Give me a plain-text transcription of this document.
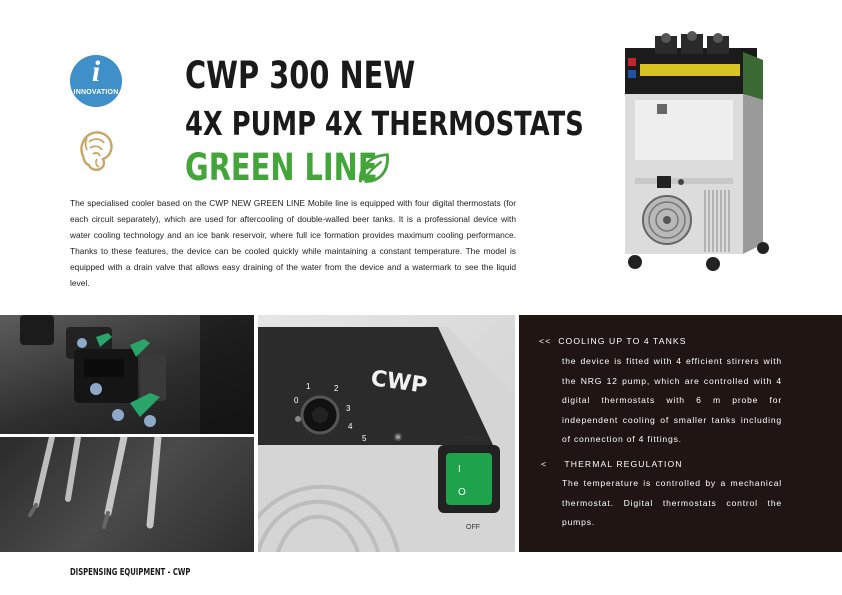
i
INNOVATION CWP 300 NEW
4X PUMP 4X THERMOSTATS
GREEN LINE
The specialised cooler based on the CWP NEW GREEN LINE Mobile line is equipped with four digital thermostats (for each circuit separately), which are used for aftercooling of double-walled beer tanks. It is a professional device with water cooling technology and an ice bank reservoir, where full ice formation provides maximum cooling performance. Thanks to these features, the device can be cooled quickly while maintaining a constant temperature. The model is equipped with a drain valve that allows easy draining of the water from the device and a watermark to see the liquid level.
CWP
0
1	2
3
4
5
I
O
ON
OFF
<< COOLING UP TO 4 TANKS
the device is fitted with 4 efficient stirrers with the NRG 12 pump, which are controlled with 4 digital thermostats with 6 m probe for independent cooling of smaller tanks including of connection of 4 fittings.
< THERMAL REGULATION
The temperature is controlled by a mechanical thermostat. Digital thermostats control the pumps.
DISPENSING EQUIPMENT - CWP
